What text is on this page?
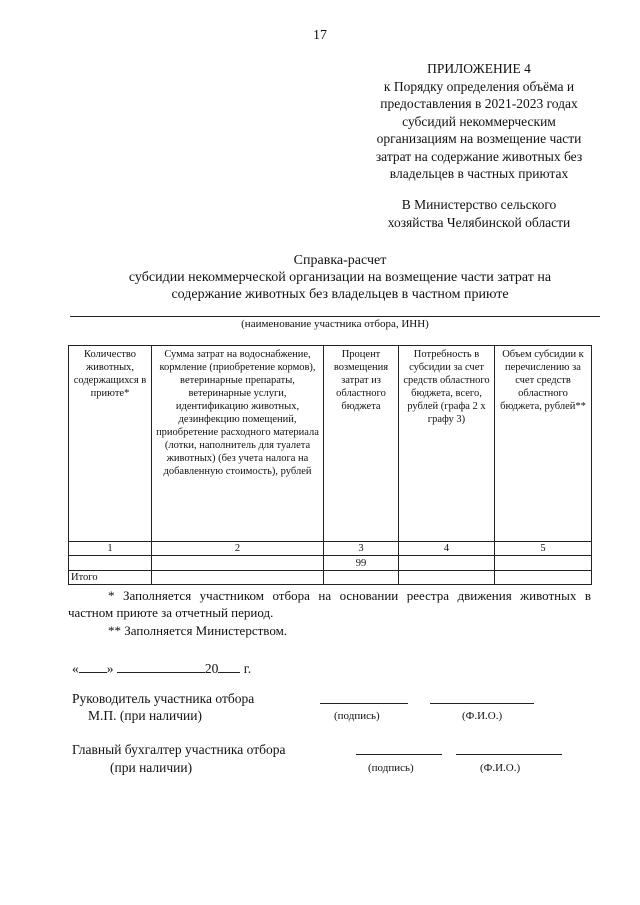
17
ПРИЛОЖЕНИЕ 4
к Порядку определения объёма и
предоставления в 2021-2023 годах
субсидий некоммерческим
организациям на возмещение части
затрат на содержание животных без
владельцев в частных приютах
В Министерство сельского
хозяйства Челябинской области
Справка-расчет
субсидии некоммерческой организации на возмещение части затрат на
содержание животных без владельцев в частном приюте
(наименование участника отбора, ИНН)
Количество животных, содержащихся в приюте*	Сумма затрат на водоснабжение, кормление (приобретение кормов), ветеринарные препараты, ветеринарные услуги, идентификацию животных, дезинфекцию помещений, приобретение расходного материала (лотки, наполнитель для туалета животных) (без учета налога на добавленную стоимость), рублей	Процент возмещения затрат из областного бюджета	Потребность в субсидии за счет средств областного бюджета, всего, рублей (графа 2 х графу 3)	Объем субсидии к перечислению за счет средств областного бюджета, рублей**
1	2	3	4	5
		99		
Итого				
* Заполняется участником отбора на основании реестра движения животных в частном приюте за отчетный период.
** Заполняется Министерством.
« »	20 г.
Руководитель участника отбора
М.П. (при наличии)	(подпись)	(Ф.И.О.)
Главный бухгалтер участника отбора
(при наличии)	(подпись)	(Ф.И.О.)
